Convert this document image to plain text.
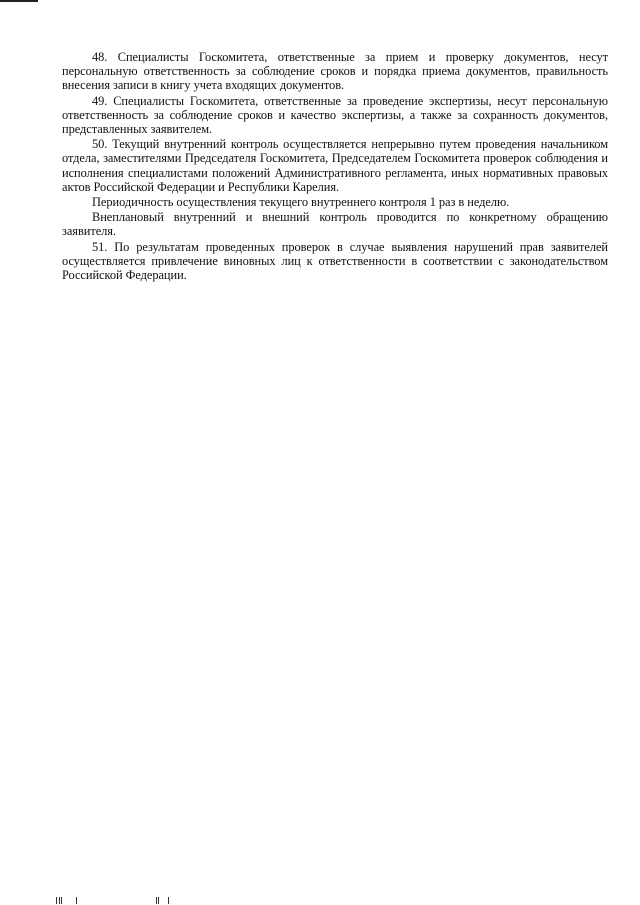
48. Специалисты Госкомитета, ответственные за прием и проверку документов, несут персональную ответственность за соблюдение сроков и порядка приема документов, правильность внесения записи в книгу учета входящих документов.

49. Специалисты Госкомитета, ответственные за проведение экспертизы, несут персональную ответственность за соблюдение сроков и качество экспертизы, а также за сохранность документов, представленных заявителем.

50. Текущий внутренний контроль осуществляется непрерывно путем проведения начальником отдела, заместителями Председателя Госкомитета, Председателем Госкомитета проверок соблюдения и исполнения специалистами положений Административного регламента, иных нормативных правовых актов Российской Федерации и Республики Карелия.

Периодичность осуществления текущего внутреннего контроля 1 раз в неделю.

Внеплановый внутренний и внешний контроль проводится по конкретному обращению заявителя.

51. По результатам проведенных проверок в случае выявления нарушений прав заявителей осуществляется привлечение виновных лиц к ответственности в соответствии с законодательством Российской Федерации.
